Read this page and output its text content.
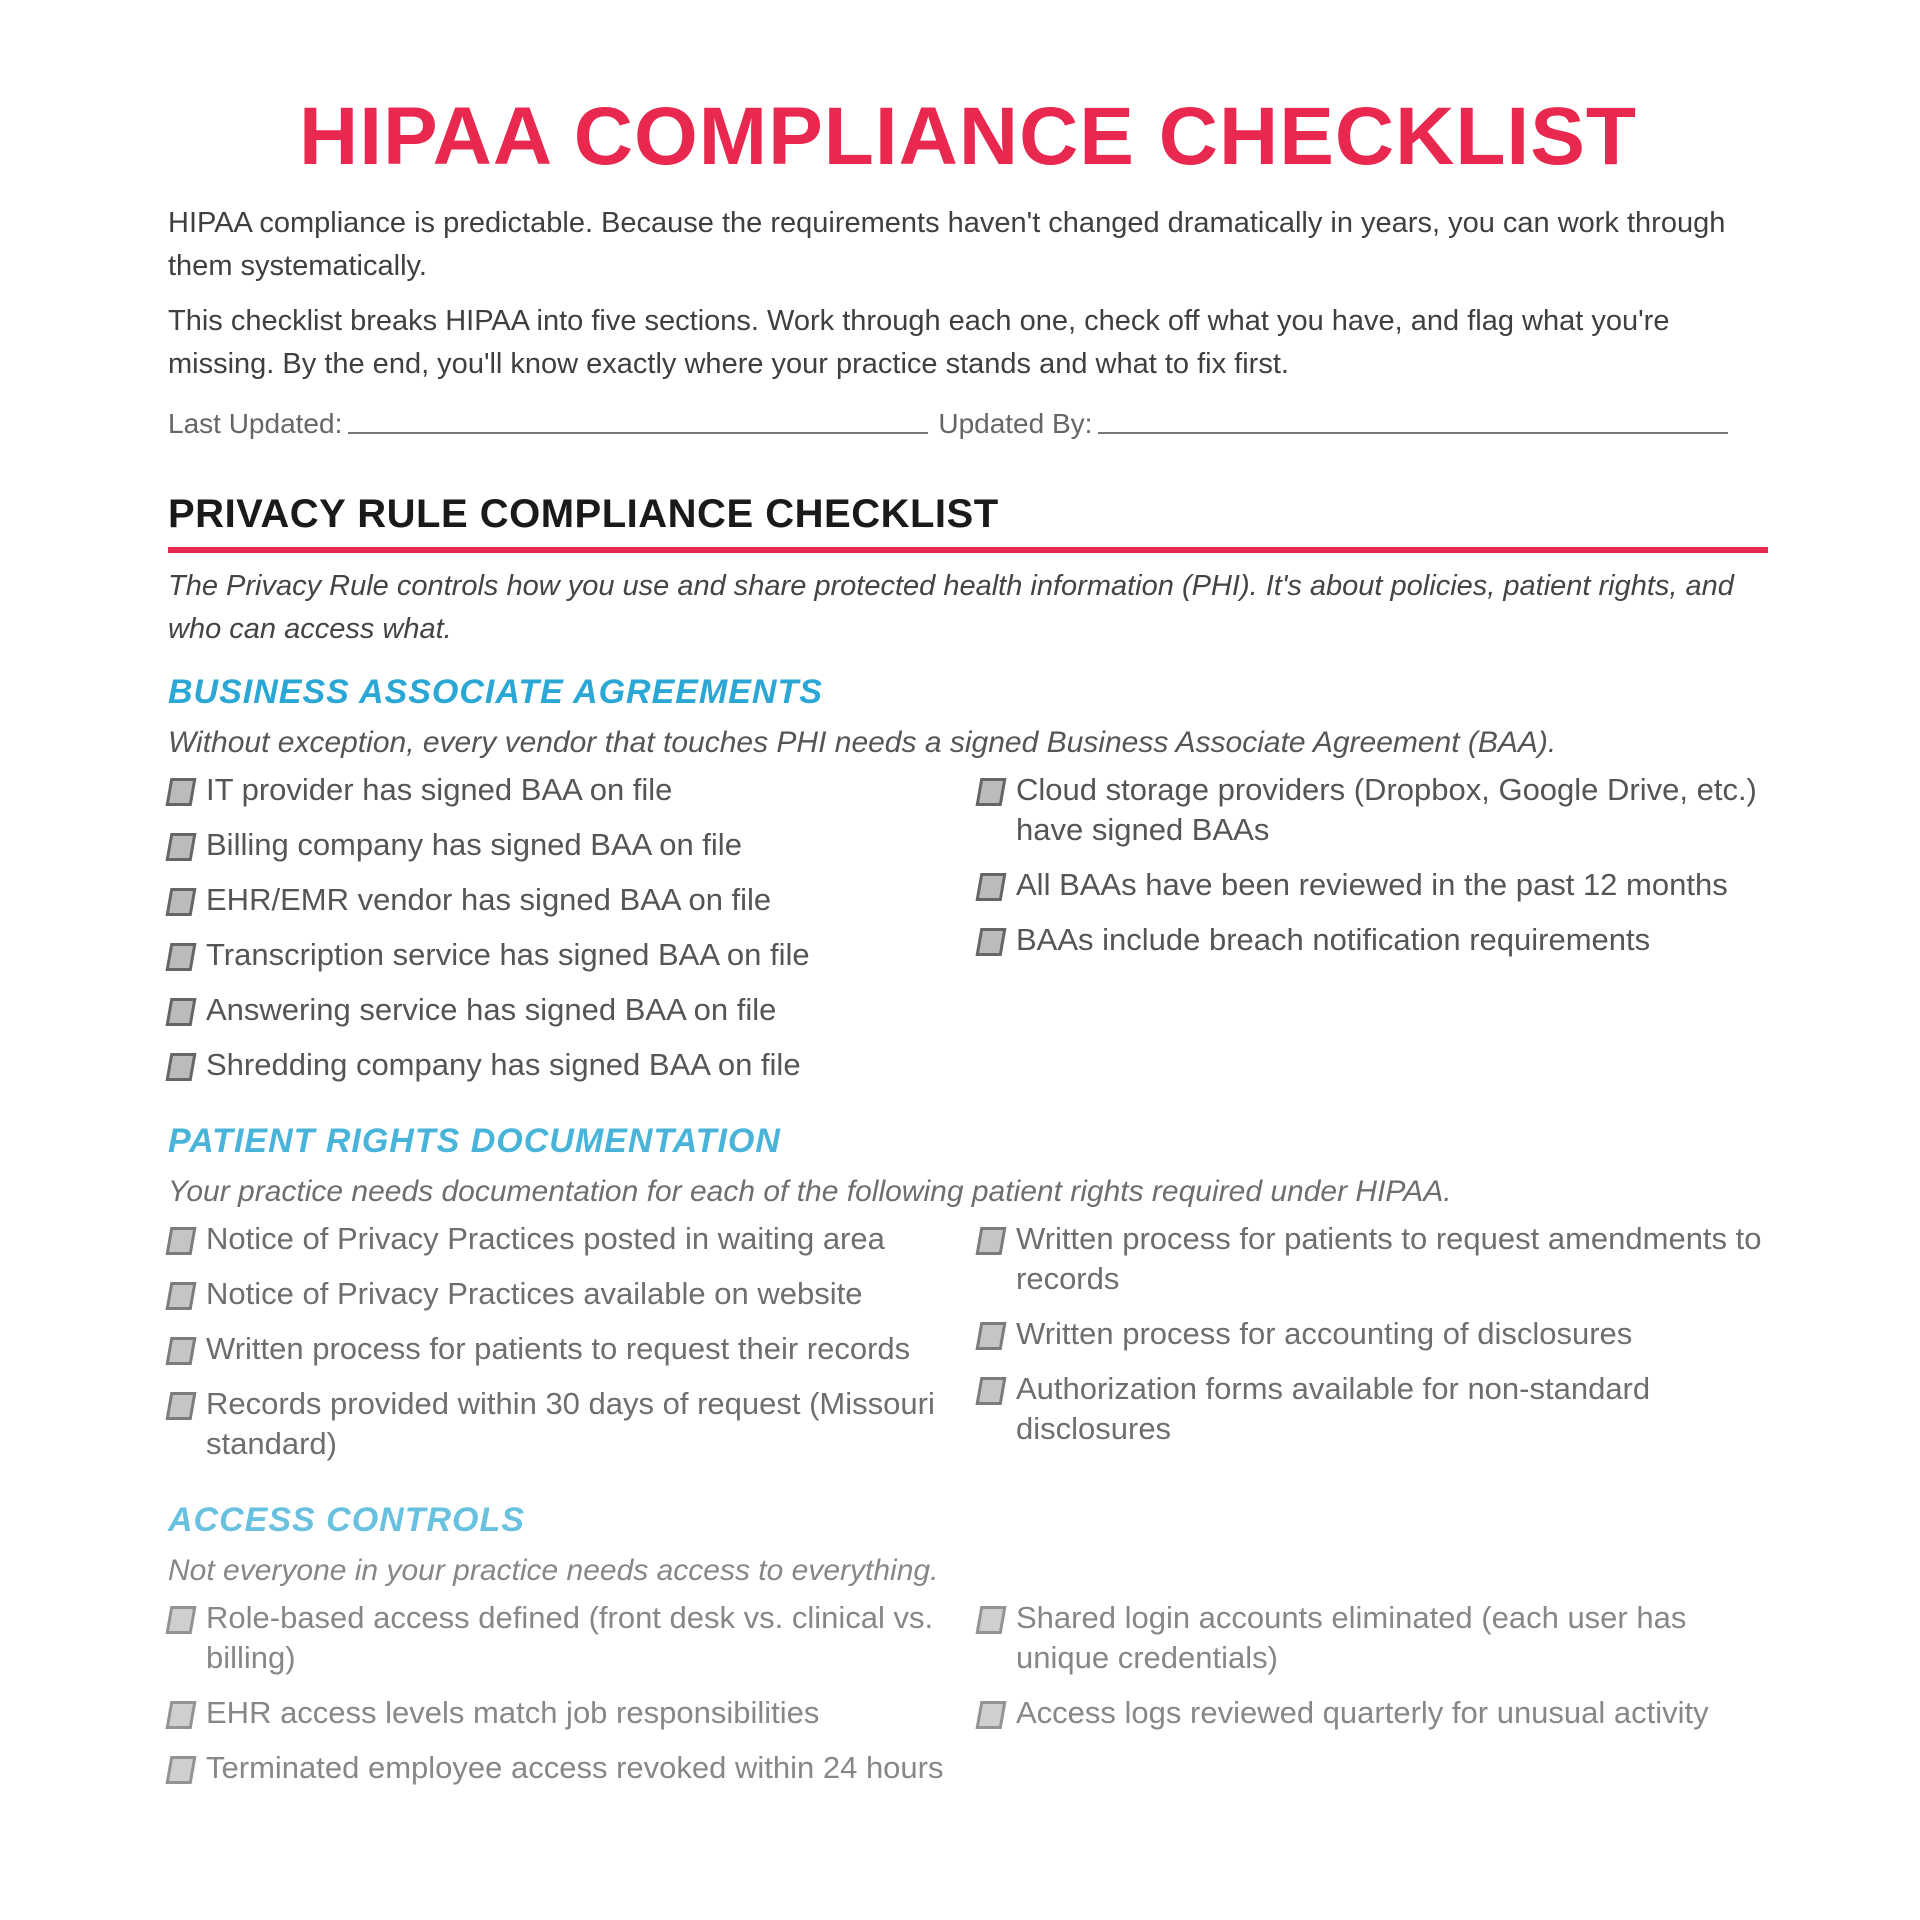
HIPAA COMPLIANCE CHECKLIST

HIPAA compliance is predictable. Because the requirements haven't changed dramatically in years, you can work through them systematically.

This checklist breaks HIPAA into five sections. Work through each one, check off what you have, and flag what you're missing. By the end, you'll know exactly where your practice stands and what to fix first.

Last Updated:	Updated By:
PRIVACY RULE COMPLIANCE CHECKLIST

The Privacy Rule controls how you use and share protected health information (PHI). It's about policies, patient rights, and who can access what.

BUSINESS ASSOCIATE AGREEMENTS
Without exception, every vendor that touches PHI needs a signed Business Associate Agreement (BAA).
IT provider has signed BAA on file
Billing company has signed BAA on file
EHR/EMR vendor has signed BAA on file
Transcription service has signed BAA on file
Answering service has signed BAA on file
Shredding company has signed BAA on file
Cloud storage providers (Dropbox, Google Drive, etc.) have signed BAAs
All BAAs have been reviewed in the past 12 months
BAAs include breach notification requirements
PATIENT RIGHTS DOCUMENTATION
Your practice needs documentation for each of the following patient rights required under HIPAA.
Notice of Privacy Practices posted in waiting area
Notice of Privacy Practices available on website
Written process for patients to request their records
Records provided within 30 days of request (Missouri standard)
Written process for patients to request amendments to records
Written process for accounting of disclosures
Authorization forms available for non-standard disclosures
ACCESS CONTROLS
Not everyone in your practice needs access to everything.
Role-based access defined (front desk vs. clinical vs. billing)
EHR access levels match job responsibilities
Terminated employee access revoked within 24 hours
Shared login accounts eliminated (each user has unique credentials)
Access logs reviewed quarterly for unusual activity
